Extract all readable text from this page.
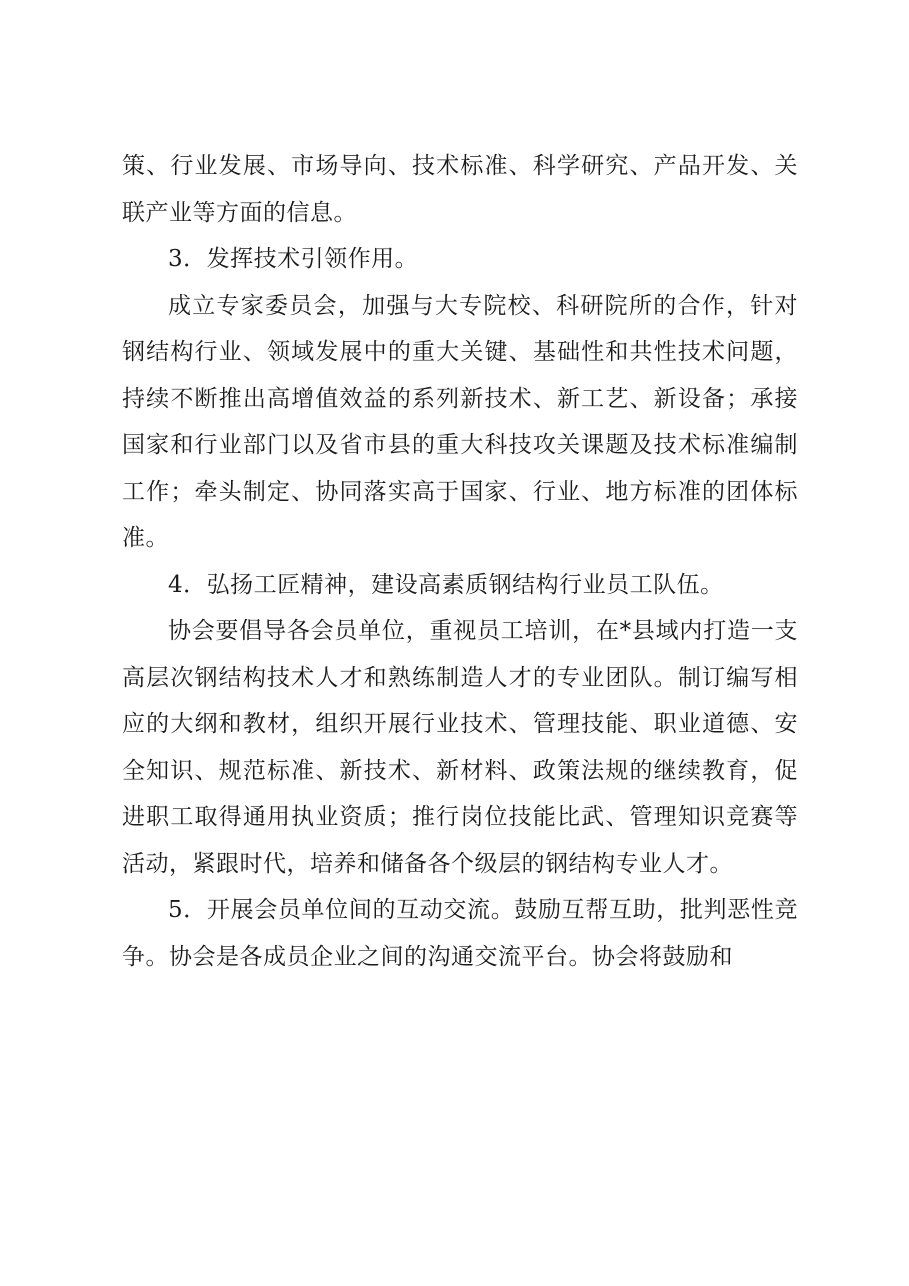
策、行业发展、市场导向、技术标准、科学研究、产品开发、关联产业等方面的信息。

3．发挥技术引领作用。

成立专家委员会，加强与大专院校、科研院所的合作，针对钢结构行业、领域发展中的重大关键、基础性和共性技术问题，持续不断推出高增值效益的系列新技术、新工艺、新设备；承接国家和行业部门以及省市县的重大科技攻关课题及技术标准编制工作；牵头制定、协同落实高于国家、行业、地方标准的团体标准。

4．弘扬工匠精神，建设高素质钢结构行业员工队伍。

协会要倡导各会员单位，重视员工培训，在*县域内打造一支高层次钢结构技术人才和熟练制造人才的专业团队。制订编写相应的大纲和教材，组织开展行业技术、管理技能、职业道德、安全知识、规范标准、新技术、新材料、政策法规的继续教育，促进职工取得通用执业资质；推行岗位技能比武、管理知识竞赛等活动，紧跟时代，培养和储备各个级层的钢结构专业人才。

5．开展会员单位间的互动交流。鼓励互帮互助，批判恶性竞争。协会是各成员企业之间的沟通交流平台。协会将鼓励和
